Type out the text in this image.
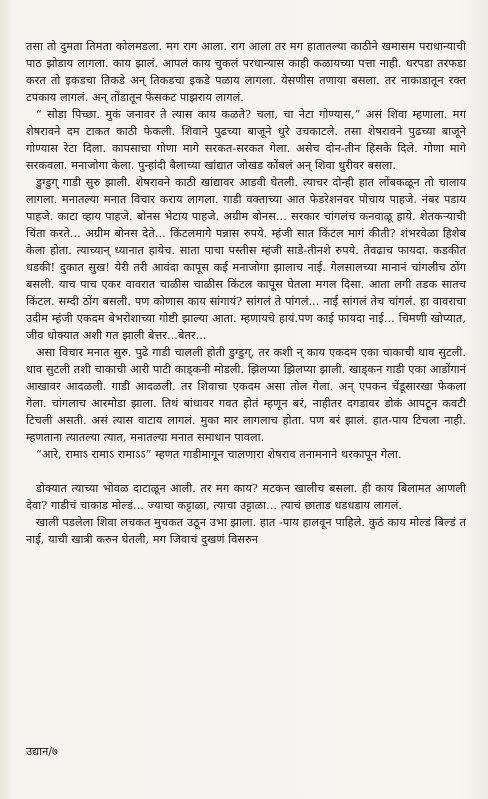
तसा तो दुमता तिमता कोलमडला. मग राग आला. राग आला तर मग हातातल्या काठीने खमासम पराधान्याची पाठ झोडाय लागला. काय झालं. आपलं काय चुकलं परधान्यास काही कळायच्या पत्ता नाही. धरपडा तरफडा करत तो इकडचा तिकडे अन् तिकडचा इकडे पळाय लागला. येसणीस तणाया बसला. तर नाकाडातून रक्त टपकाय लागलं. अन् तोंडातून फेसकट पाझराय लागलं.

“ सोडा पिच्छा. मुकं जनावर ते त्यास काय कळते? चला, चा नेटा गोण्यास,” असं शिवा म्हणाला. मग शेषरावने दम टाकत काठी फेकली. शिवाने पुढच्या बाजूने धुरे उचकाटले. तसा शेषरावने पुढच्या बाजूने गोण्यास रेटा दिला. कापसाचा गोणा मागे सरकत-सरकत गेला. असेच दोन-तीन हिसके दिले. गोणा मागे सरकवला. मनाजोगा केला. पुन्हांदी बैलाच्या खांद्यात जोखड कोंबलं अन् शिवा धुरीवर बसला.

डुग्डुग् गाडी सुरु झाली. शेषरावने काठी खांद्यावर आडवी घेतली. त्याचर दोन्ही हात लोंबकळून तो चालाय लागला. मनातल्या मनात विचार कराय लागला. गाडी वक्ताच्या आत फेडरेशनवर पोचाय पाहजे. नंबर पडाय पाहजे. काटा व्हाय पाहजे. बोनस भेटाय पाहजे. अग्रीम बोनस... सरकार चांगलंच कनवाळू हाये. शेतकऱ्याची चिंता करते... अग्रीम बोनस देते... किंटलमागे पन्नास रुपये. म्हंजी सात किंटल मागं कीती? शंभरवेळा हिशेब केला होता. त्याच्यान् ध्यानात हायेच. साता पाचा पस्तीस म्हंजी साडे-तीनशे रुपये. तेवढाच फायदा. कडकीत धडकी! दुकात सुख! येरी तरी आवंदा कापूस कई मनाजोगा झालाच नाई. गेलसालच्या मानानं चांगलीच ठोंग बसली. याच पाच एकर वावरात चाळीस चाळीस किंटल कापूस घेतला मगल दिसा. आता लगी तडक सातच किंटल. सम्दी ठोंग बसली. पण कोणास काय सांगायं? सांगलं ते पांगलं... नाई सांगलं तेच चांगलं. हा वावराचा उदीम म्हंजी एकदम बेभरोशाच्या गोष्टी झाल्या आता. म्हणायचे हायं.पण काई फायदा नाई... चिमणी खोप्यात, जीव धोक्यात अशी गत झाली बेत्तर...बेतर...

असा विचार मनात सुरु. पुढे गाडी चालली होती डुग्डुग्, तर कशी न् काय एकदम एका चाकाची धाव सुटली. धाव सुटली तशी चाकाची आरी पाटी काड्कनी मोडली. झिलप्या झिलप्या झाली. खाड्कन गाडी एका आडोंगानं आखावर आदळली. गाडी आदळली. तर शिवाचा एकदम असा तोल गेला. अन् एपकन चेंडूसारखा फेकला गेला. चांगलाच आरमोडा झाला. तिथं बांधावर गवत होतं म्हणून बरं, नाहीतर दगडावर डोकं आपटून कवटी टिचली असती. असं त्यास वाटाय लागलं. मुका मार लागलाच होता. पण बरं झालं. हात-पाय टिचला नाही. म्हणताना त्यातल्या त्यात, मनातल्या मनात समाधान पावला.

“आरे, रामाऽ रामाऽ रामाऽऽ” म्हणत गाडीमागून चालणारा शेषराव तनामनाने थरकापून गेला.

डोक्यात त्याच्या भोवळ दाटाळून आली. तर मग काय? मटकन खालीच बसला. ही काय बिलामत आणली देवा? गाडीचं चाकाड मोल्डं... ज्याचा कट्टाळा, त्याचा उट्टाळा... त्याचं छाताड धडधडाय लागलं.

खाली पडलेला शिवा लचकत मुचकत उठून उभा झाला. हात -पाय हालवून पाहिले. कुठं काय मोल्डं बिल्डं त नाई, याची खात्री करुन घेतली, मग जिवाचं दुखणं विसरुन

उद्यान/७
